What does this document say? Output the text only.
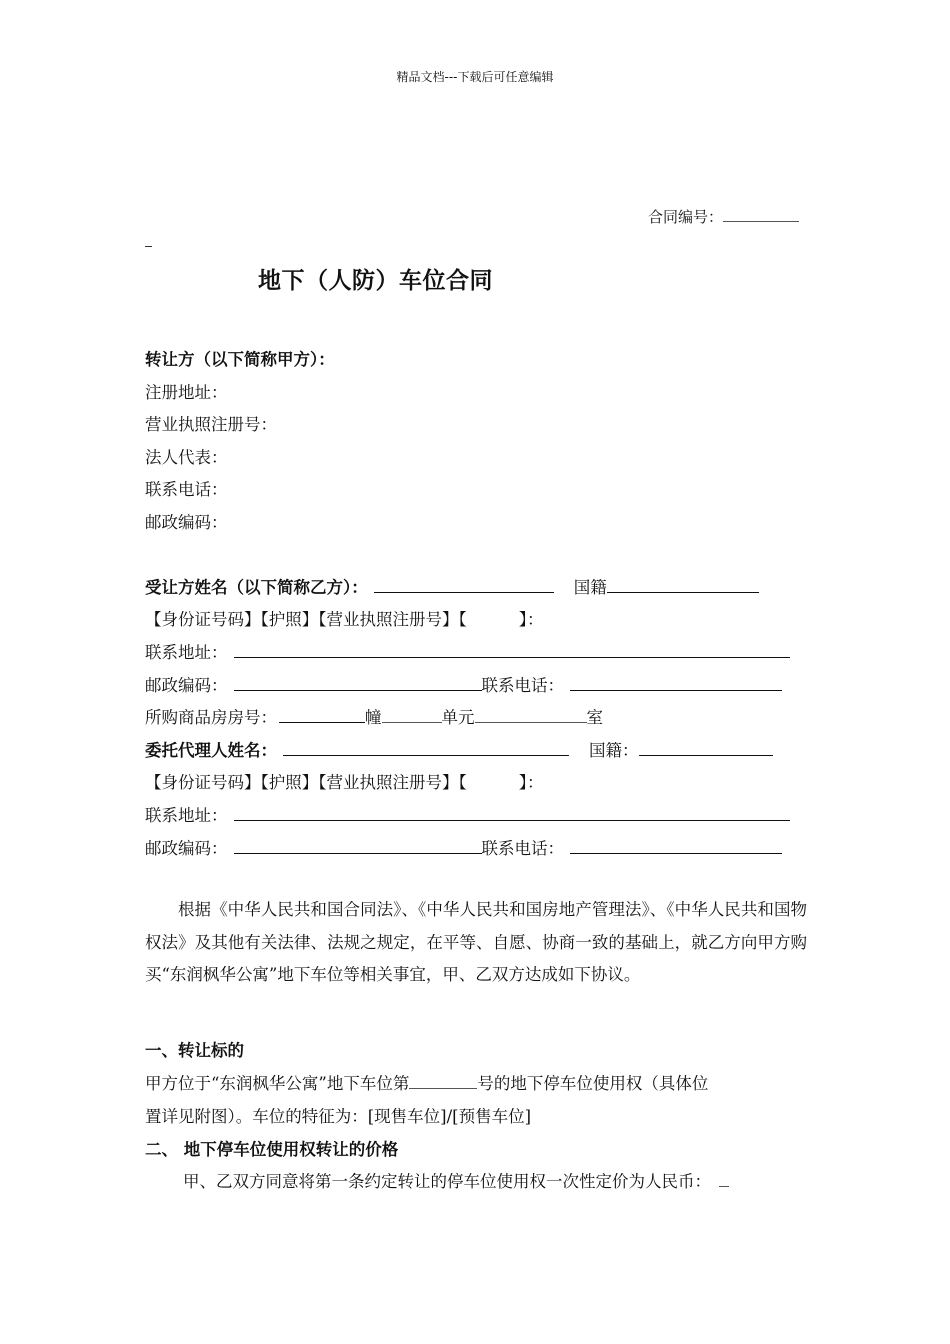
精品文档---下载后可任意编辑
合同编号：
地下（人防）车位合同
转让方（以下简称甲方）：
注册地址：
营业执照注册号：
法人代表：
联系电话：
邮政编码：
受让方姓名（以下简称乙方）：	国籍
【身份证号码】【护照】【营业执照注册号】【	】：
联系地址：
邮政编码：	联系电话：
所购商品房房号：	幢	单元	室
委托代理人姓名：	国籍：
【身份证号码】【护照】【营业执照注册号】【	】：
联系地址：
邮政编码：	联系电话：
根据《中华人民共和国合同法》、《中华人民共和国房地产管理法》、《中华人民共和国物权法》及其他有关法律、法规之规定，在平等、自愿、协商一致的基础上，就乙方向甲方购买“东润枫华公寓”地下车位等相关事宜，甲、乙双方达成如下协议。
一、转让标的
甲方位于“东润枫华公寓”地下车位第	号的地下停车位使用权（具体位
置详见附图）。车位的特征为：[现售车位]/[预售车位]
二、 地下停车位使用权转让的价格
甲、乙双方同意将第一条约定转让的停车位使用权一次性定价为人民币：
